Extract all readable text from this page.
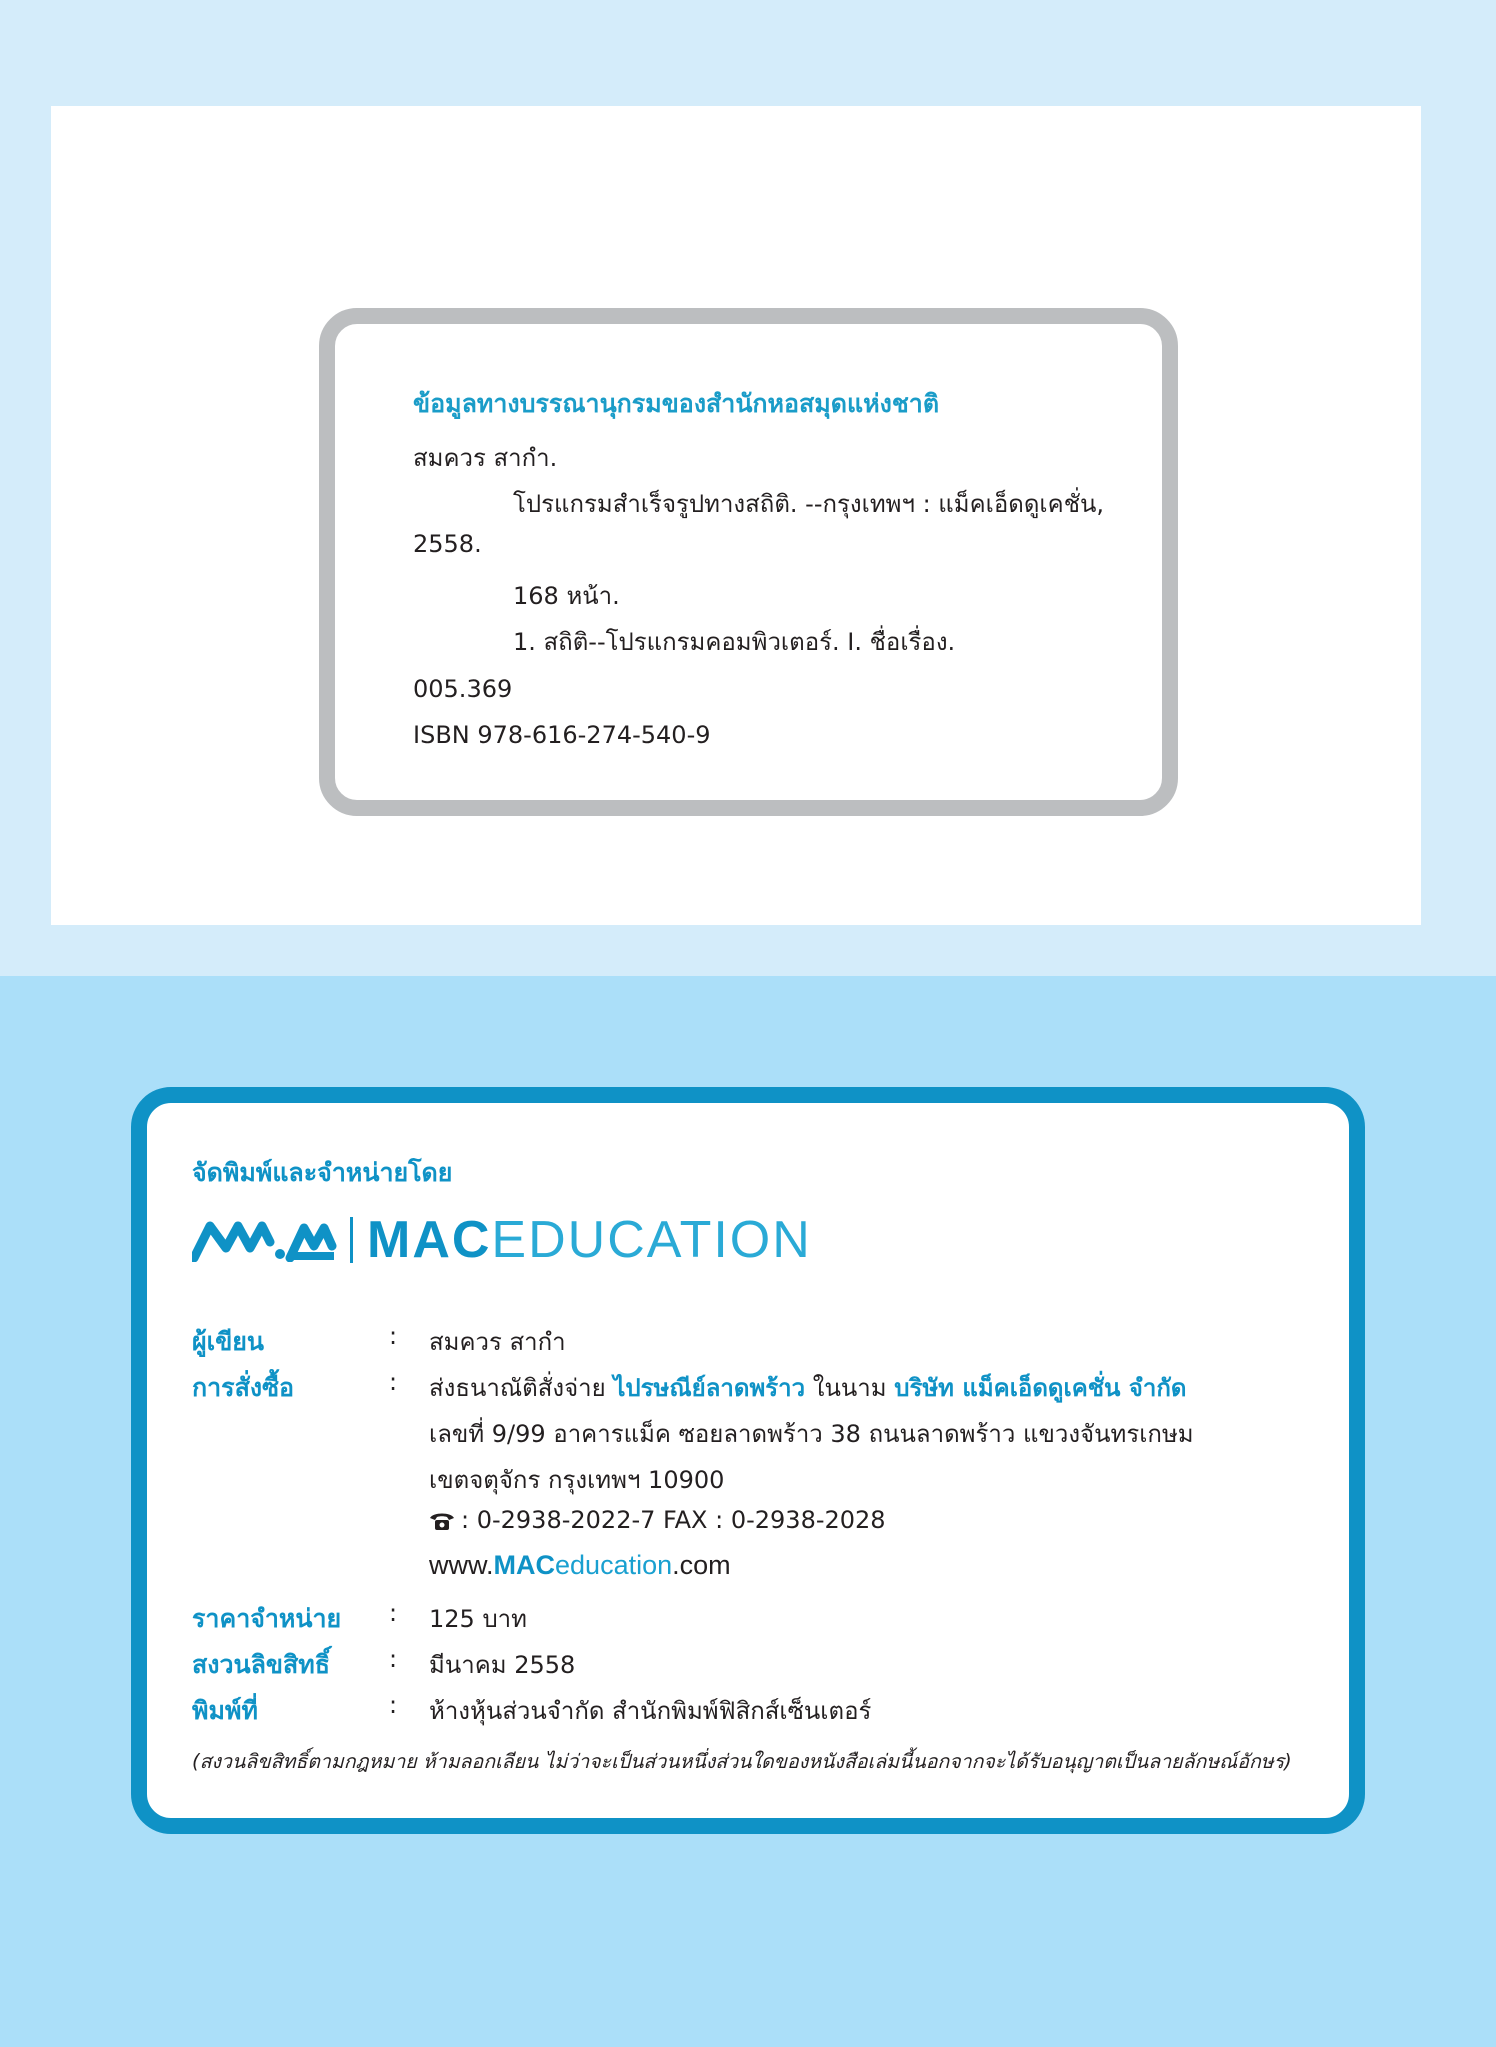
ข้อมูลทางบรรณานุกรมของสำนักหอสมุดแห่งชาติ
สมควร สากำ.
โปรแกรมสำเร็จรูปทางสถิติ. --กรุงเทพฯ : แม็คเอ็ดดูเคชั่น,
2558.
168 หน้า.
1. สถิติ--โปรแกรมคอมพิวเตอร์. I. ชื่อเรื่อง.
005.369
ISBN 978-616-274-540-9
จัดพิมพ์และจำหน่ายโดย
MACEDUCATION
ผู้เขียน	: สมควร สากำ
การสั่งซื้อ	: ส่งธนาณัติสั่งจ่าย ไปรษณีย์ลาดพร้าว ในนาม บริษัท แม็คเอ็ดดูเคชั่น จำกัด
เลขที่ 9/99 อาคารแม็ค ซอยลาดพร้าว 38 ถนนลาดพร้าว แขวงจันทรเกษม
เขตจตุจักร กรุงเทพฯ 10900
: 0-2938-2022-7 FAX : 0-2938-2028
www.MACeducation.com
ราคาจำหน่าย : 125 บาท
สงวนลิขสิทธิ์ : มีนาคม 2558
พิมพ์ที่	: ห้างหุ้นส่วนจำกัด สำนักพิมพ์ฟิสิกส์เซ็นเตอร์
(สงวนลิขสิทธิ์ตามกฎหมาย ห้ามลอกเลียน ไม่ว่าจะเป็นส่วนหนึ่งส่วนใดของหนังสือเล่มนี้นอกจากจะได้รับอนุญาตเป็นลายลักษณ์อักษร)
